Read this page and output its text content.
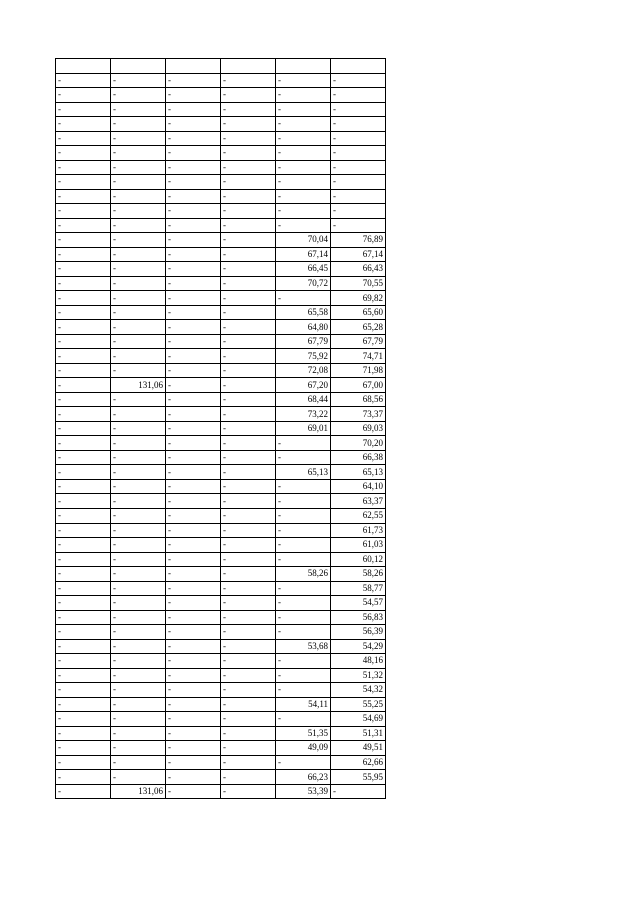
-	-	-	-	-	-
-	-	-	-	-	-
-	-	-	-	-	-
-	-	-	-	-	-
-	-	-	-	-	-
-	-	-	-	-	-
-	-	-	-	-	-
-	-	-	-	-	-
-	-	-	-	-	-
-	-	-	-	-	-
-	-	-	-	-	-
-	-	-	-	70,04	76,89
-	-	-	-	67,14	67,14
-	-	-	-	66,45	66,43
-	-	-	-	70,72	70,55
-	-	-	-	-	69,82
-	-	-	-	65,58	65,60
-	-	-	-	64,80	65,28
-	-	-	-	67,79	67,79
-	-	-	-	75,92	74,71
-	-	-	-	72,08	71,98
-	131,06	-	-	67,20	67,00
-	-	-	-	68,44	68,56
-	-	-	-	73,22	73,37
-	-	-	-	69,01	69,03
-	-	-	-	-	70,20
-	-	-	-	-	66,38
-	-	-	-	65,13	65,13
-	-	-	-	-	64,10
-	-	-	-	-	63,37
-	-	-	-	-	62,55
-	-	-	-	-	61,73
-	-	-	-	-	61,03
-	-	-	-	-	60,12
-	-	-	-	58,26	58,26
-	-	-	-	-	58,77
-	-	-	-	-	54,57
-	-	-	-	-	56,83
-	-	-	-	-	56,39
-	-	-	-	53,68	54,29
-	-	-	-	-	48,16
-	-	-	-	-	51,32
-	-	-	-	-	54,32
-	-	-	-	54,11	55,25
-	-	-	-	-	54,69
-	-	-	-	51,35	51,31
-	-	-	-	49,09	49,51
-	-	-	-	-	62,66
-	-	-	-	66,23	55,95
-	131,06	-	-	53,39	-
